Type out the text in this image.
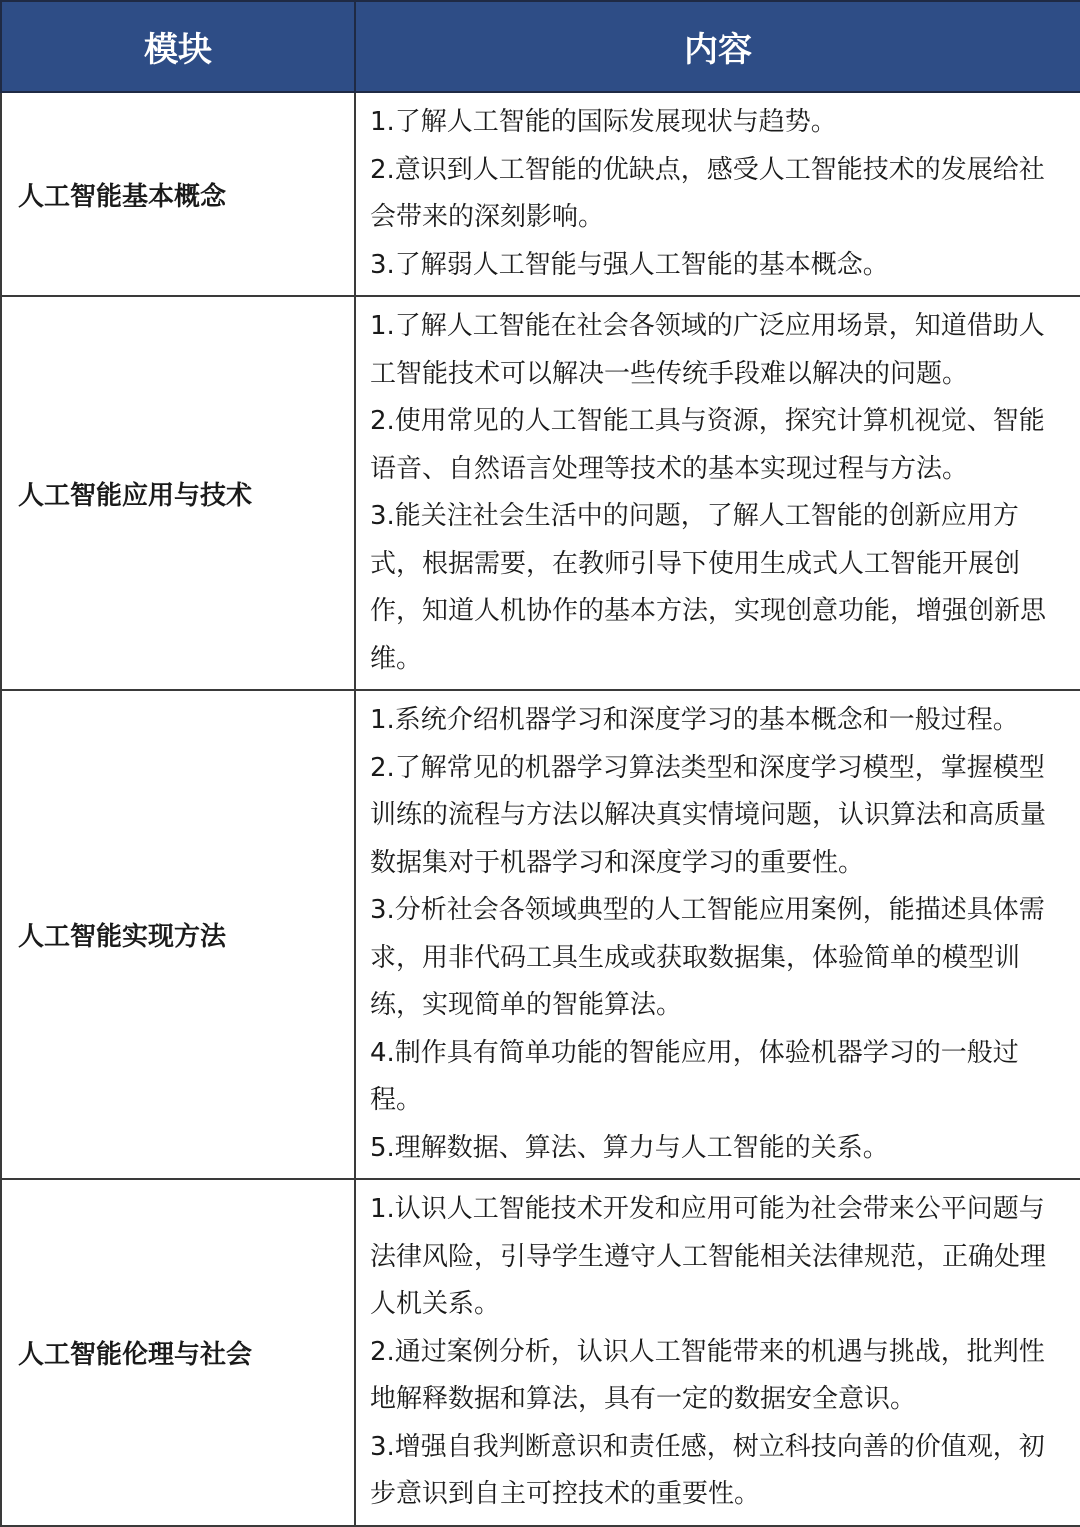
模块	内容
人工智能基本概念	1.了解人工智能的国际发展现状与趋势。

2.意识到人工智能的优缺点，感受人工智能技术的发展给社会带来的深刻影响。

3.了解弱人工智能与强人工智能的基本概念。

人工智能应用与技术	1.了解人工智能在社会各领域的广泛应用场景，知道借助人工智能技术可以解决一些传统手段难以解决的问题。

2.使用常见的人工智能工具与资源，探究计算机视觉、智能语音、自然语言处理等技术的基本实现过程与方法。

3.能关注社会生活中的问题，了解人工智能的创新应用方式，根据需要，在教师引导下使用生成式人工智能开展创作，知道人机协作的基本方法，实现创意功能，增强创新思维。

人工智能实现方法	1.系统介绍机器学习和深度学习的基本概念和一般过程。

2.了解常见的机器学习算法类型和深度学习模型，掌握模型训练的流程与方法以解决真实情境问题，认识算法和高质量数据集对于机器学习和深度学习的重要性。

3.分析社会各领域典型的人工智能应用案例，能描述具体需求，用非代码工具生成或获取数据集，体验简单的模型训练，实现简单的智能算法。

4.制作具有简单功能的智能应用，体验机器学习的一般过程。

5.理解数据、算法、算力与人工智能的关系。

人工智能伦理与社会	1.认识人工智能技术开发和应用可能为社会带来公平问题与法律风险，引导学生遵守人工智能相关法律规范，正确处理人机关系。

2.通过案例分析，认识人工智能带来的机遇与挑战，批判性地解释数据和算法，具有一定的数据安全意识。

3.增强自我判断意识和责任感，树立科技向善的价值观，初步意识到自主可控技术的重要性。
